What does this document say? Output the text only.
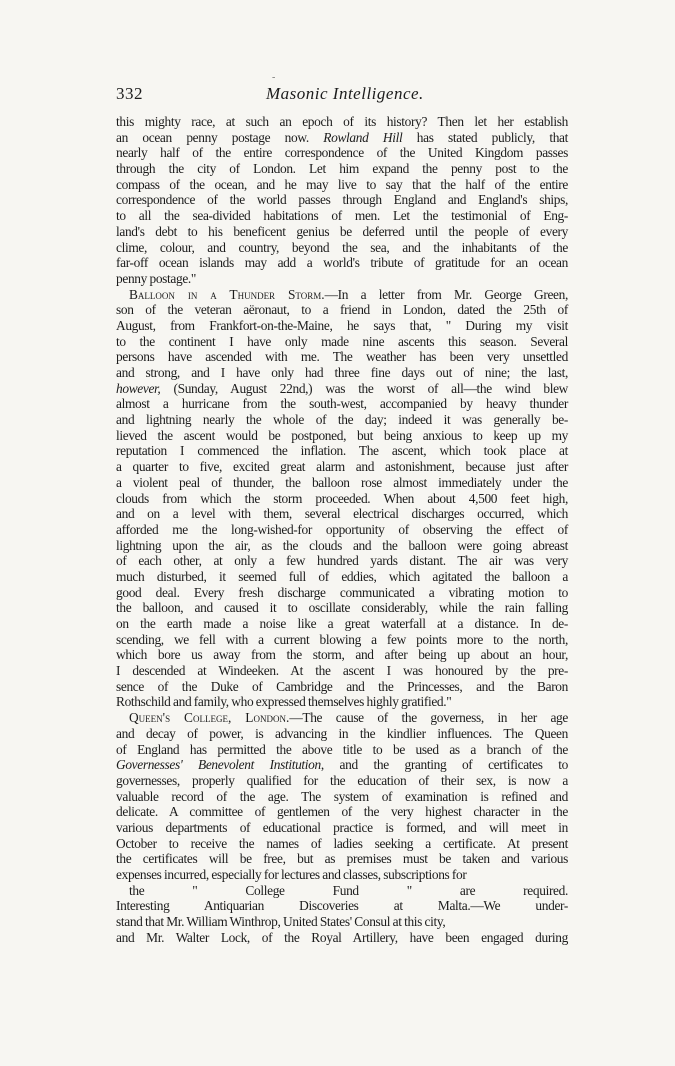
-
332	Masonic Intelligence.
this mighty race, at such an epoch of its history? Then let her establish
an ocean penny postage now. Rowland Hill has stated publicly, that
nearly half of the entire correspondence of the United Kingdom passes
through the city of London. Let him expand the penny post to the
compass of the ocean, and he may live to say that the half of the entire
correspondence of the world passes through England and England's ships,
to all the sea-divided habitations of men. Let the testimonial of Eng-
land's debt to his beneficent genius be deferred until the people of every
clime, colour, and country, beyond the sea, and the inhabitants of the
far-off ocean islands may add a world's tribute of gratitude for an ocean
penny postage."
Balloon in a Thunder Storm.—In a letter from Mr. George Green,
son of the veteran aëronaut, to a friend in London, dated the 25th of
August, from Frankfort-on-the-Maine, he says that, " During my visit
to the continent I have only made nine ascents this season. Several
persons have ascended with me. The weather has been very unsettled
and strong, and I have only had three fine days out of nine; the last,
however, (Sunday, August 22nd,) was the worst of all—the wind blew
almost a hurricane from the south-west, accompanied by heavy thunder
and lightning nearly the whole of the day; indeed it was generally be-
lieved the ascent would be postponed, but being anxious to keep up my
reputation I commenced the inflation. The ascent, which took place at
a quarter to five, excited great alarm and astonishment, because just after
a violent peal of thunder, the balloon rose almost immediately under the
clouds from which the storm proceeded. When about 4,500 feet high,
and on a level with them, several electrical discharges occurred, which
afforded me the long-wished-for opportunity of observing the effect of
lightning upon the air, as the clouds and the balloon were going abreast
of each other, at only a few hundred yards distant. The air was very
much disturbed, it seemed full of eddies, which agitated the balloon a
good deal. Every fresh discharge communicated a vibrating motion to
the balloon, and caused it to oscillate considerably, while the rain falling
on the earth made a noise like a great waterfall at a distance. In de-
scending, we fell with a current blowing a few points more to the north,
which bore us away from the storm, and after being up about an hour,
I descended at Windeeken. At the ascent I was honoured by the pre-
sence of the Duke of Cambridge and the Princesses, and the Baron
Rothschild and family, who expressed themselves highly gratified."
Queen's College, London.—The cause of the governess, in her age
and decay of power, is advancing in the kindlier influences. The Queen
of England has permitted the above title to be used as a branch of the
Governesses' Benevolent Institution, and the granting of certificates to
governesses, properly qualified for the education of their sex, is now a
valuable record of the age. The system of examination is refined and
delicate. A committee of gentlemen of the very highest character in the
various departments of educational practice is formed, and will meet in
October to receive the names of ladies seeking a certificate. At present
the certificates will be free, but as premises must be taken and various
expenses incurred, especially for lectures and classes, subscriptions for
the " College Fund " are required.
Interesting Antiquarian Discoveries at Malta.—We under-
stand that Mr. William Winthrop, United States' Consul at this city,
and Mr. Walter Lock, of the Royal Artillery, have been engaged during
